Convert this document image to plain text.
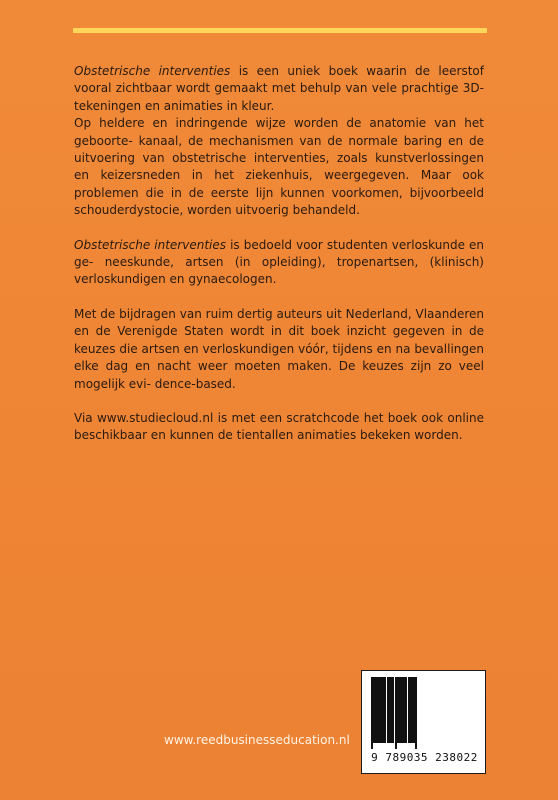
Obstetrische interventies is een uniek boek waarin de leerstof vooral zichtbaar wordt gemaakt met behulp van vele prachtige 3D-tekeningen en animaties in kleur.
Op heldere en indringende wijze worden de anatomie van het geboorte- kanaal, de mechanismen van de normale baring en de uitvoering van obstetrische interventies, zoals kunstverlossingen en keizersneden in het ziekenhuis, weergegeven. Maar ook problemen die in de eerste lijn kunnen voorkomen, bijvoorbeeld schouderdystocie, worden uitvoerig behandeld.

Obstetrische interventies is bedoeld voor studenten verloskunde en ge- neeskunde, artsen (in opleiding), tropenartsen, (klinisch) verloskundigen en gynaecologen.

Met de bijdragen van ruim dertig auteurs uit Nederland, Vlaanderen en de Verenigde Staten wordt in dit boek inzicht gegeven in de keuzes die artsen en verloskundigen vóór, tijdens en na bevallingen elke dag en nacht weer moeten maken. De keuzes zijn zo veel mogelijk evi- dence-based.

Via www.studiecloud.nl is met een scratchcode het boek ook online beschikbaar en kunnen de tientallen animaties bekeken worden.

www.reedbusinesseducation.nl
9 789035 238022
